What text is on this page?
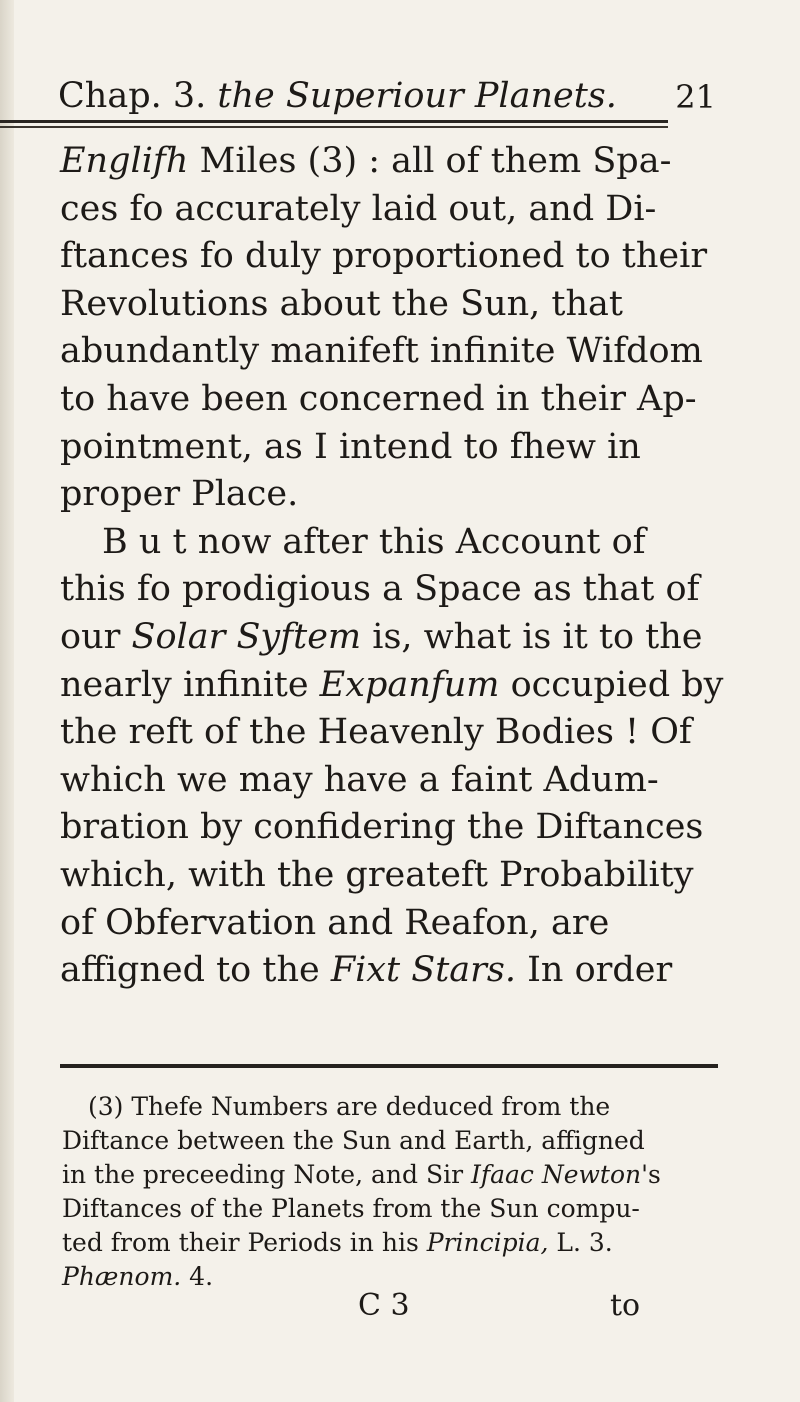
Chap. 3. the Superiour Planets. 21
Englifh Miles (3) : all of them Spa-
ces fo accurately laid out, and Di-
ftances fo duly proportioned to their
Revolutions about the Sun, that
abundantly manifeft infinite Wifdom
to have been concerned in their Ap-
pointment, as I intend to fhew in
proper Place.
B u t now after this Account of
this fo prodigious a Space as that of
our Solar Syftem is, what is it to the
nearly infinite Expanfum occupied by
the reft of the Heavenly Bodies ! Of
which we may have a faint Adum-
bration by confidering the Diftances
which, with the greateft Probability
of Obfervation and Reafon, are
affigned to the Fixt Stars. In order
(3) Thefe Numbers are deduced from the
Diftance between the Sun and Earth, affigned
in the preceeding Note, and Sir Ifaac Newton's
Diftances of the Planets from the Sun compu-
ted from their Periods in his Principia, L. 3.
Phænom. 4.
C 3	to
